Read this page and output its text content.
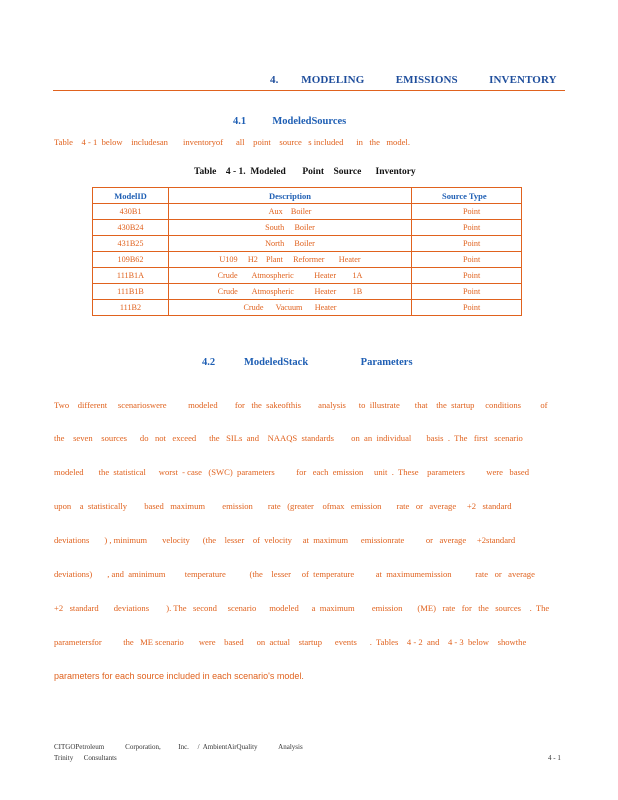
4.        MODELING           EMISSIONS           INVENTORY
4.1          ModeledSources
Table    4 - 1  below    includesan       inventoryof      all    point    source   s included      in   the   model.
Table    4 - 1.  Modeled       Point    Source      Inventory
ModelID	Description	Source Type
430B1	Aux    Boiler	Point
430B24	South     Boiler	Point
431B25	North     Boiler	Point
109B62	U109     H2    Plant     Reformer       Heater	Point
111B1A	Crude       Atmospheric          Heater        1A	Point
111B1B	Crude       Atmospheric          Heater        1B	Point
111B2	Crude      Vacuum      Heater	Point
4.2           ModeledStack                    Parameters

Two    different     scenarioswere          modeled        for   the  sakeofthis        analysis      to  illustrate       that    the  startup     conditions         of

the    seven    sources      do   not   exceed      the   SILs  and    NAAQS  standards        on  an  individual       basis  .  The   first   scenario

modeled       the  statistical      worst  - case   (SWC)  parameters          for   each  emission     unit  .  These    parameters          were   based

upon    a  statistically        based   maximum        emission       rate   (greater    ofmax   emission       rate   or   average     +2   standard

deviations       ) , minimum       velocity      (the    lesser    of  velocity     at  maximum      emissionrate          or   average     +2standard

deviations)       , and  aminimum         temperature           (the    lesser     of  temperature          at  maximumemission           rate   or   average

+2   standard       deviations        ). The   second     scenario      modeled      a  maximum        emission       (ME)   rate   for   the   sources    .  The

parametersfor          the   ME scenario       were    based      on  actual    startup      events      .  Tables    4 - 2  and    4 - 3  below    showthe

parameters for each source included in each scenario's model.

CITGOPetroleum            Corporation,          Inc.     /  AmbientAirQuality            Analysis
Trinity      Consultants	4 - 1
